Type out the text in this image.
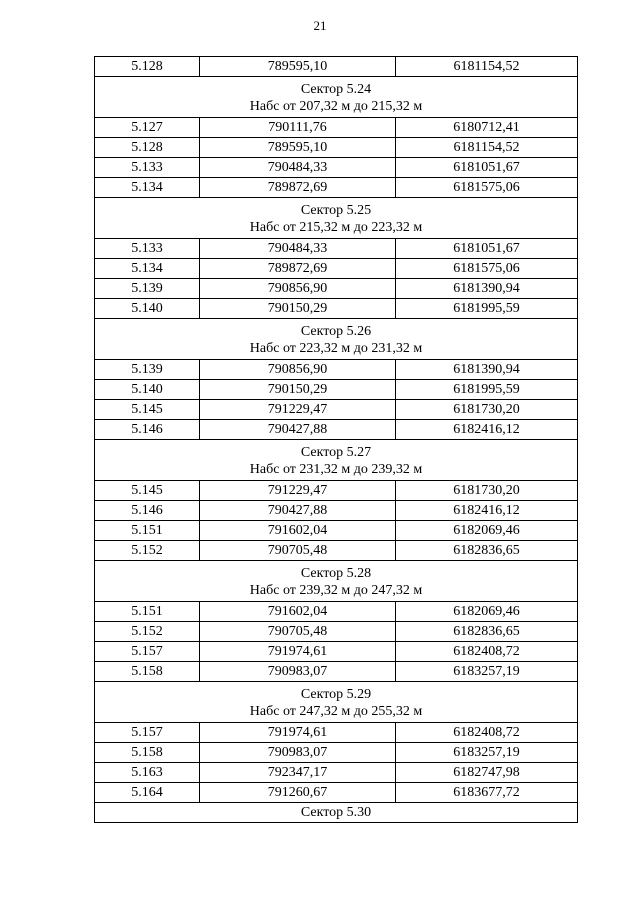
21
5.128	789595,10	6181154,52

Сектор 5.24
Набс от 207,32 м до 215,32 м		

5.127	790111,76	6180712,41
5.128	789595,10	6181154,52
5.133	790484,33	6181051,67
5.134	789872,69	6181575,06

Сектор 5.25
Набс от 215,32 м до 223,32 м		

5.133	790484,33	6181051,67
5.134	789872,69	6181575,06
5.139	790856,90	6181390,94
5.140	790150,29	6181995,59

Сектор 5.26
Набс от 223,32 м до 231,32 м		

5.139	790856,90	6181390,94
5.140	790150,29	6181995,59
5.145	791229,47	6181730,20
5.146	790427,88	6182416,12

Сектор 5.27
Набс от 231,32 м до 239,32 м		

5.145	791229,47	6181730,20
5.146	790427,88	6182416,12
5.151	791602,04	6182069,46
5.152	790705,48	6182836,65

Сектор 5.28
Набс от 239,32 м до 247,32 м		

5.151	791602,04	6182069,46
5.152	790705,48	6182836,65
5.157	791974,61	6182408,72
5.158	790983,07	6183257,19

Сектор 5.29
Набс от 247,32 м до 255,32 м		

5.157	791974,61	6182408,72
5.158	790983,07	6183257,19
5.163	792347,17	6182747,98
5.164	791260,67	6183677,72
Сектор 5.30		
